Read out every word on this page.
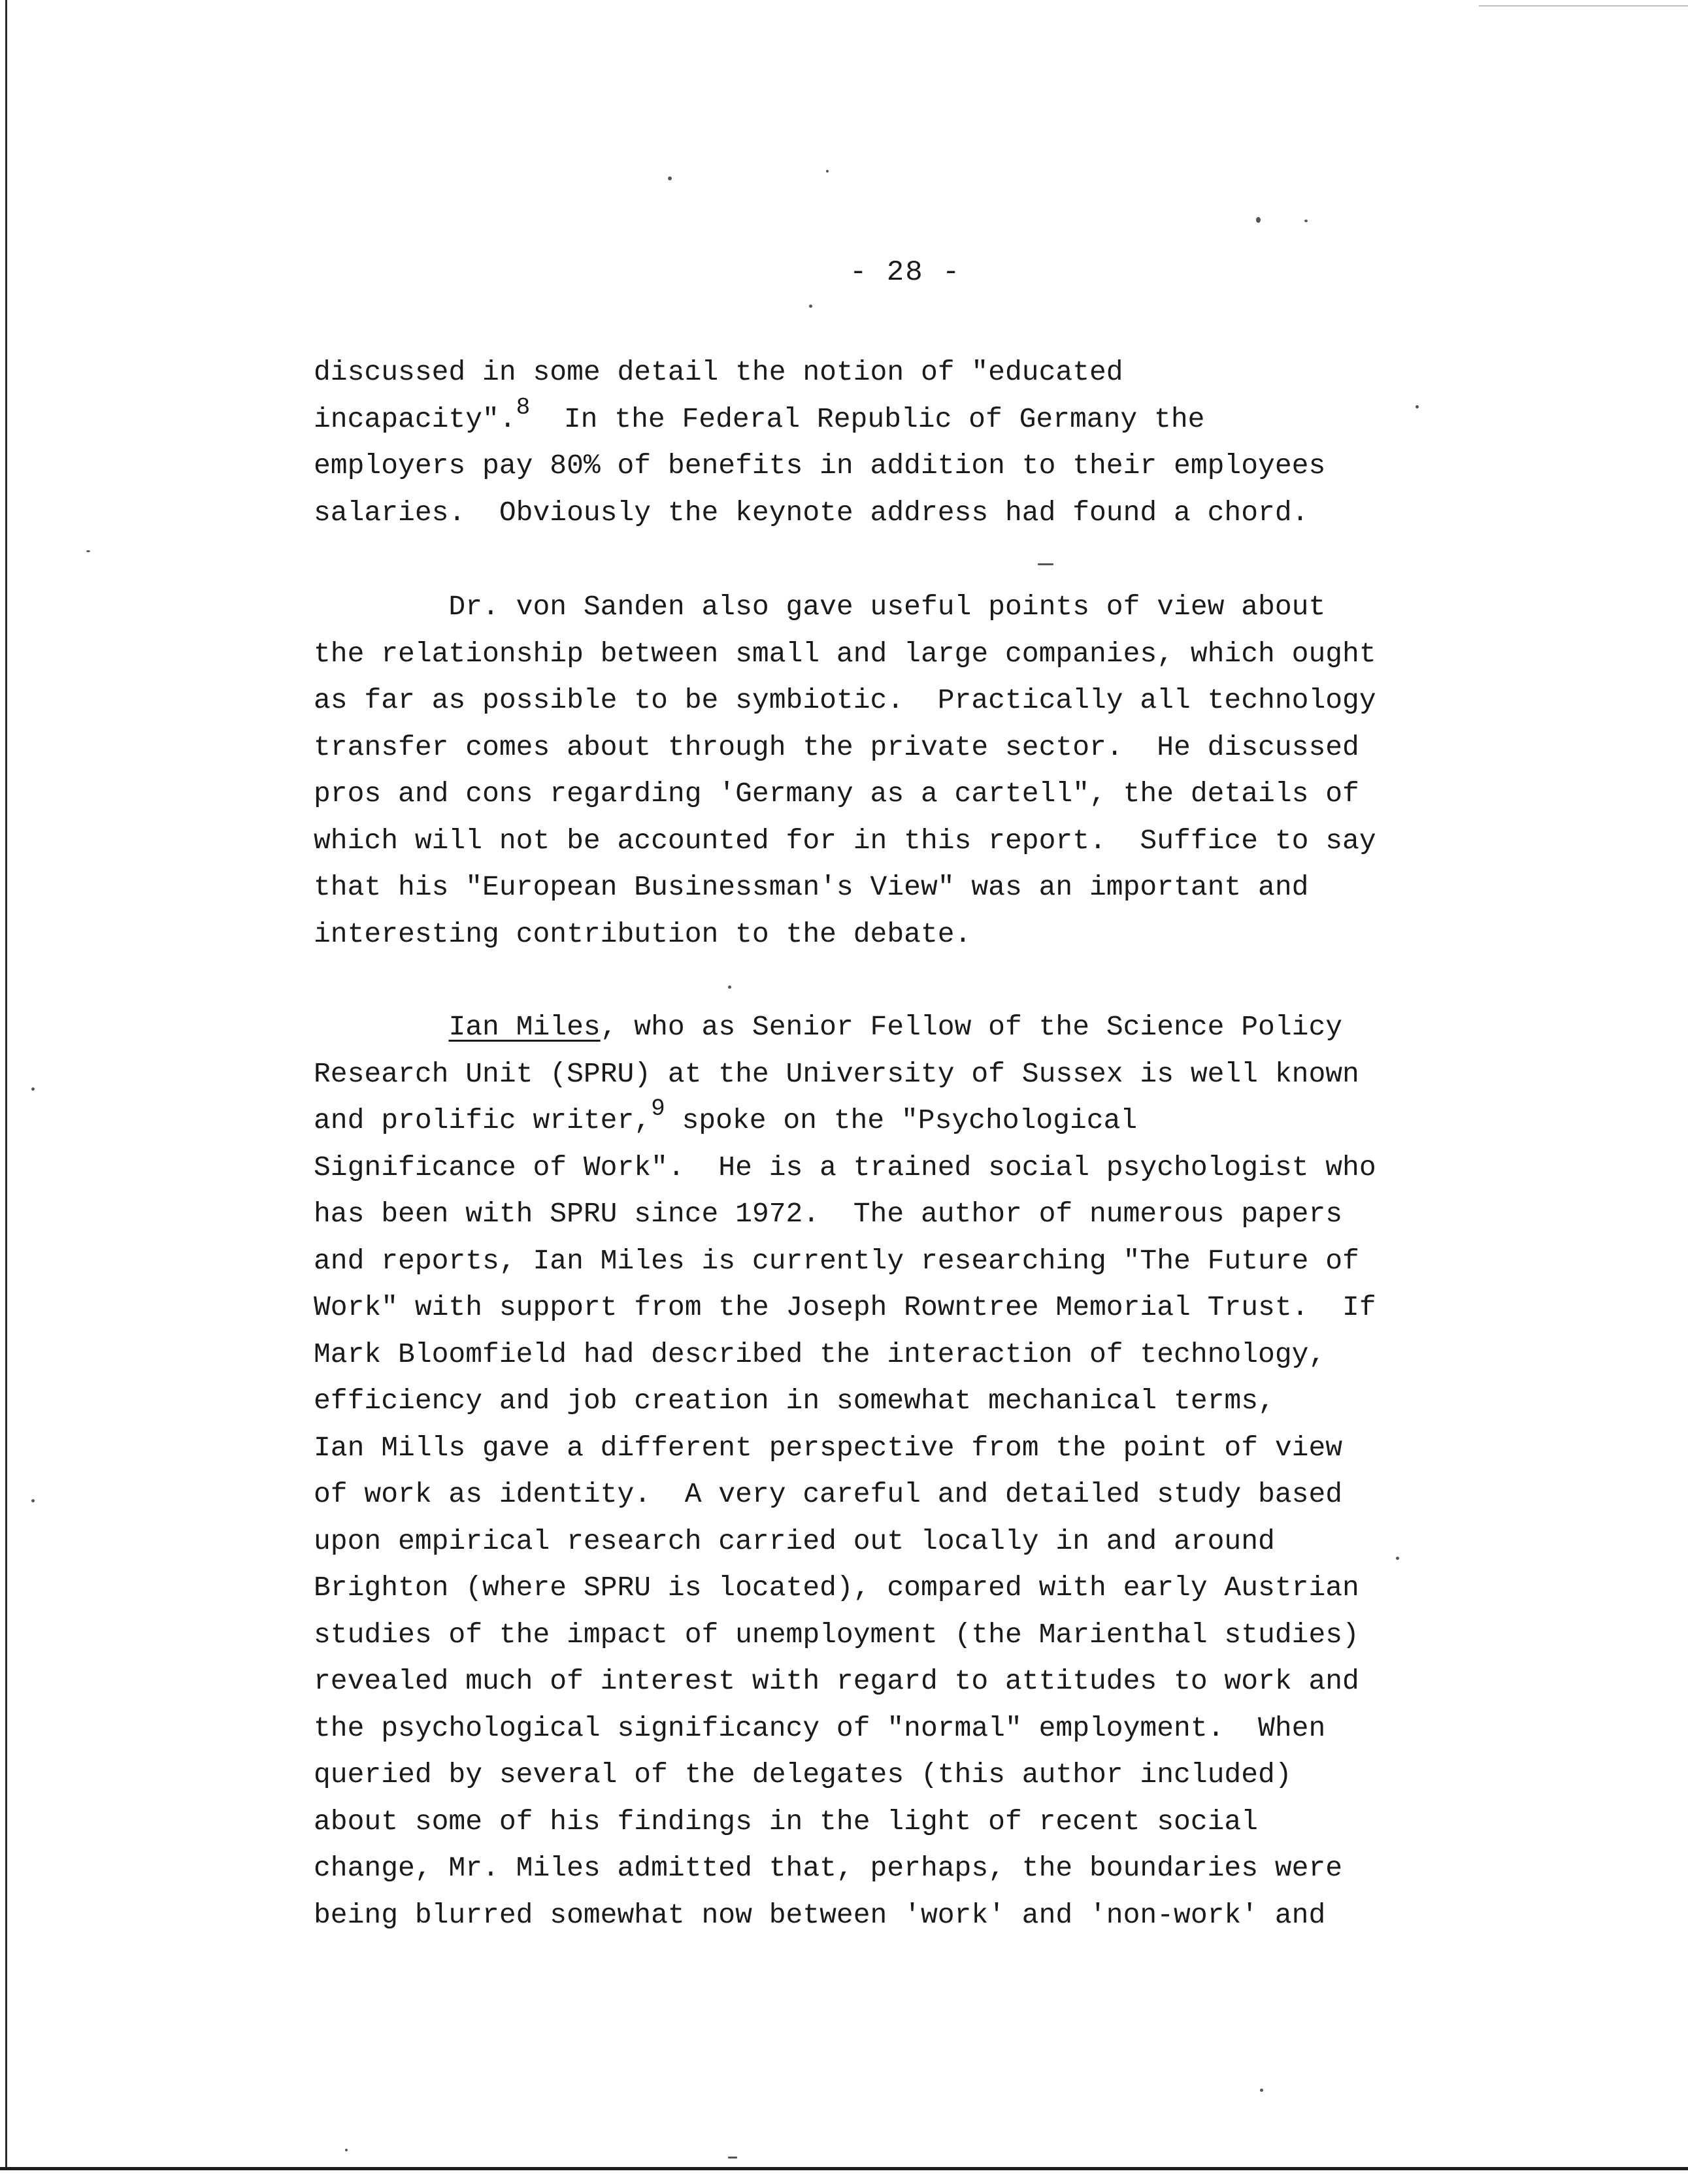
- 28 -
discussed in some detail the notion of "educated
incapacity".$^8$  In the Federal Republic of Germany the
employers pay 80% of benefits in addition to their employees
salaries.  Obviously the keynote address had found a chord.
Dr. von Sanden also gave useful points of view about
the relationship between small and large companies, which ought
as far as possible to be symbiotic.  Practically all technology
transfer comes about through the private sector.  He discussed
pros and cons regarding 'Germany as a cartell", the details of
which will not be accounted for in this report.  Suffice to say
that his "European Businessman's View" was an important and
interesting contribution to the debate.
Ian Miles, who as Senior Fellow of the Science Policy
Research Unit (SPRU) at the University of Sussex is well known
and prolific writer,$^9$ spoke on the "Psychological
Significance of Work".  He is a trained social psychologist who
has been with SPRU since 1972.  The author of numerous papers
and reports, Ian Miles is currently researching "The Future of
Work" with support from the Joseph Rowntree Memorial Trust.  If
Mark Bloomfield had described the interaction of technology,
efficiency and job creation in somewhat mechanical terms,
Ian Mills gave a different perspective from the point of view
of work as identity.  A very careful and detailed study based
upon empirical research carried out locally in and around
Brighton (where SPRU is located), compared with early Austrian
studies of the impact of unemployment (the Marienthal studies)
revealed much of interest with regard to attitudes to work and
the psychological significancy of "normal" employment.  When
queried by several of the delegates (this author included)
about some of his findings in the light of recent social
change, Mr. Miles admitted that, perhaps, the boundaries were
being blurred somewhat now between 'work' and 'non-work' and
